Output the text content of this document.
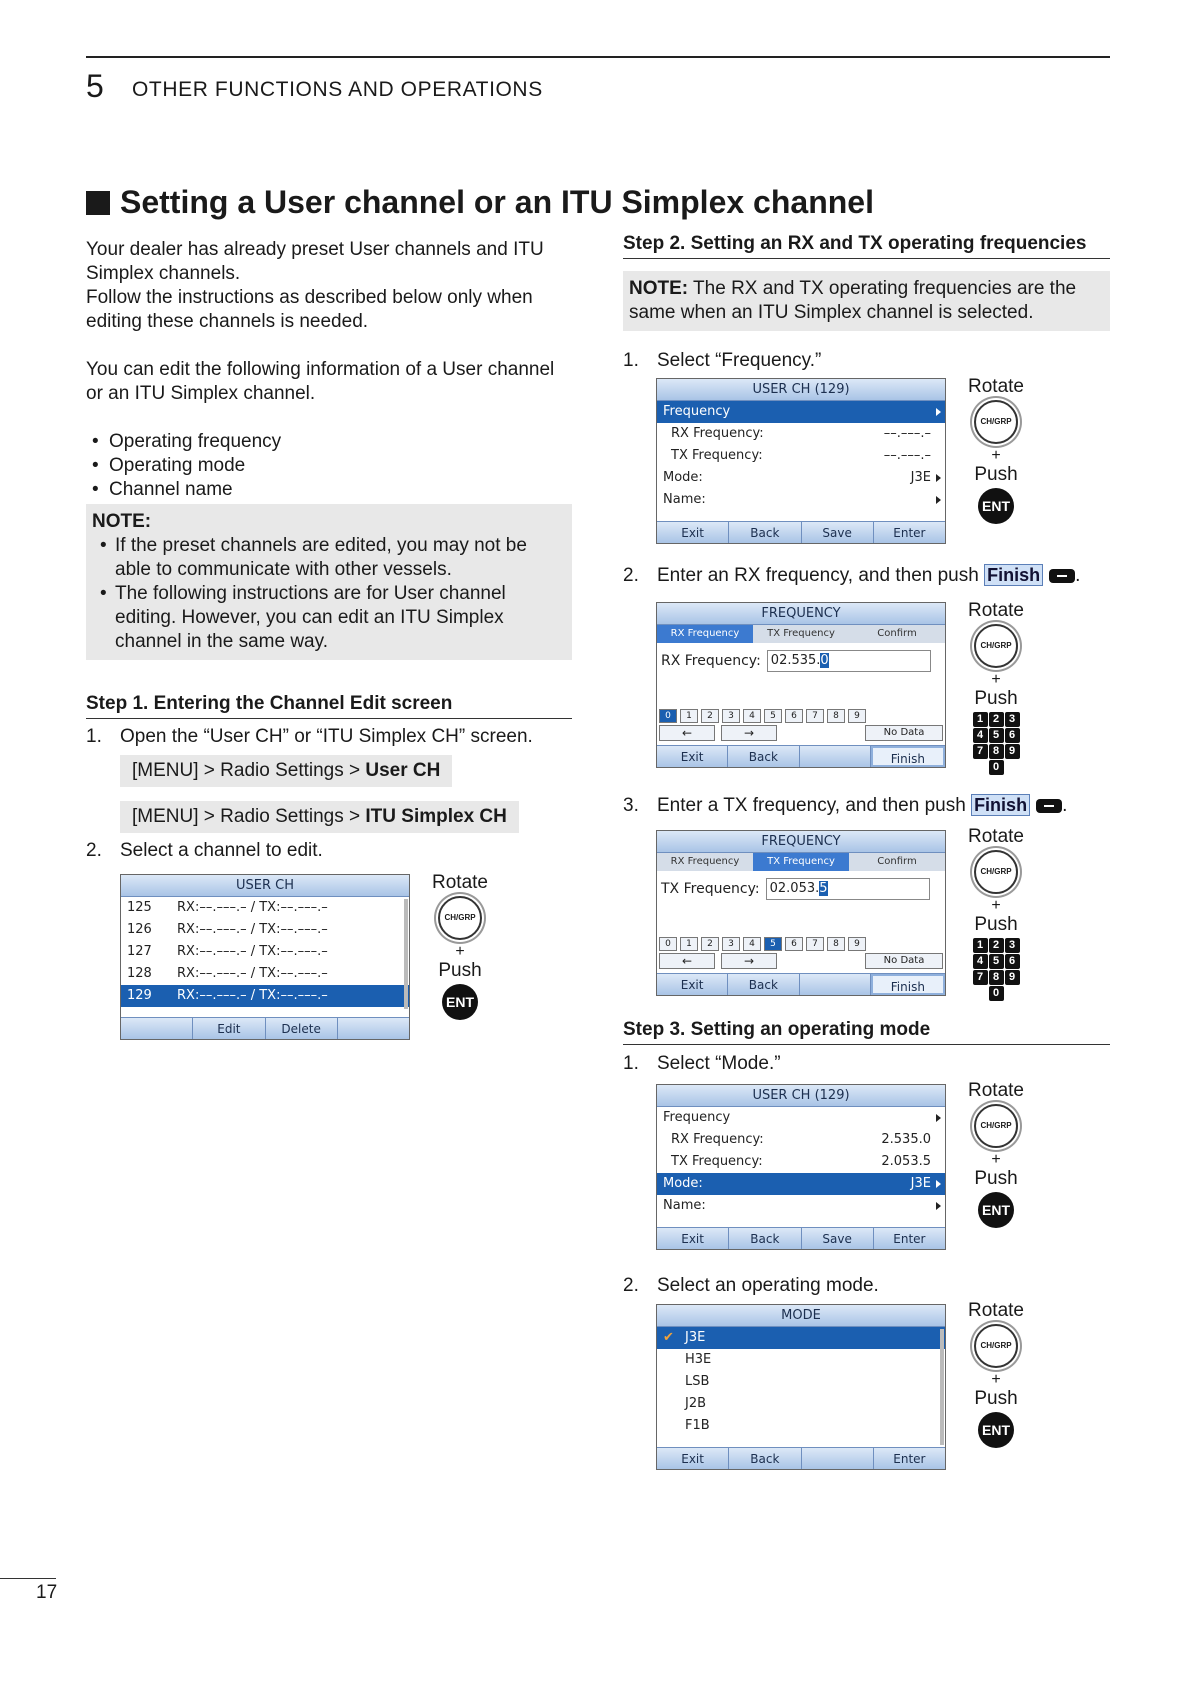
5 OTHER FUNCTIONS AND OPERATIONS
Setting a User channel or an ITU Simplex channel
Your dealer has already preset User channels and ITU Simplex channels.
Follow the instructions as described below only when editing these channels is needed.
You can edit the following information of a User channel or an ITU Simplex channel.
• Operating frequency
• Operating mode
• Channel name
NOTE:
• If the preset channels are edited, you may not be able to communicate with other vessels.
• The following instructions are for User channel editing. However, you can edit an ITU Simplex channel in the same way.
Step 1. Entering the Channel Edit screen
1. Open the “User CH” or “ITU Simplex CH” screen.
[MENU] > Radio Settings > User CH
[MENU] > Radio Settings > ITU Simplex CH
2. Select a channel to edit.
USER CH
125 RX:––.–––.– / TX:––.–––.–
126 RX:––.–––.– / TX:––.–––.–
127 RX:––.–––.– / TX:––.–––.–
128 RX:––.–––.– / TX:––.–––.–
129 RX:––.–––.– / TX:––.–––.–
Edit	Delete
Rotate
CH/GRP
+
Push
ENT
Step 2. Setting an RX and TX operating frequencies
NOTE: The RX and TX operating frequencies are the same when an ITU Simplex channel is selected.
1. Select “Frequency.”
USER CH (129)
Frequency
RX Frequency:	––.–––.–
TX Frequency:	––.–––.–
Mode:	J3E
Name:
Exit	Back	Save	Enter
Rotate
CH/GRP
+
Push
ENT
2. Enter an RX frequency, and then push Finish .
FREQUENCY
RX Frequency	TX Frequency	Confirm
RX Frequency: 02.535.0
0	1	2	3	4	5	6	7	8	9
←	→	No Data
Exit	Back	Finish
Rotate
CH/GRP
+
Push
1 2 3
4 5 6
7 8 9
0
3. Enter a TX frequency, and then push Finish .
FREQUENCY
RX Frequency	TX Frequency	Confirm
TX Frequency: 02.053.5
0	1	2	3	4	5	6	7	8	9
←	→	No Data
Exit	Back	Finish
Rotate
CH/GRP
+
Push
1 2 3
4 5 6
7 8 9
0
Step 3. Setting an operating mode
1. Select “Mode.”
USER CH (129)
Frequency
RX Frequency:	2.535.0
TX Frequency:	2.053.5
Mode:	J3E
Name:
Exit	Back	Save	Enter
Rotate
CH/GRP
+
Push
ENT
2. Select an operating mode.
MODE
✔ J3E
H3E
LSB
J2B
F1B
Exit	Back	Enter
Rotate
CH/GRP
+
Push
ENT
17
